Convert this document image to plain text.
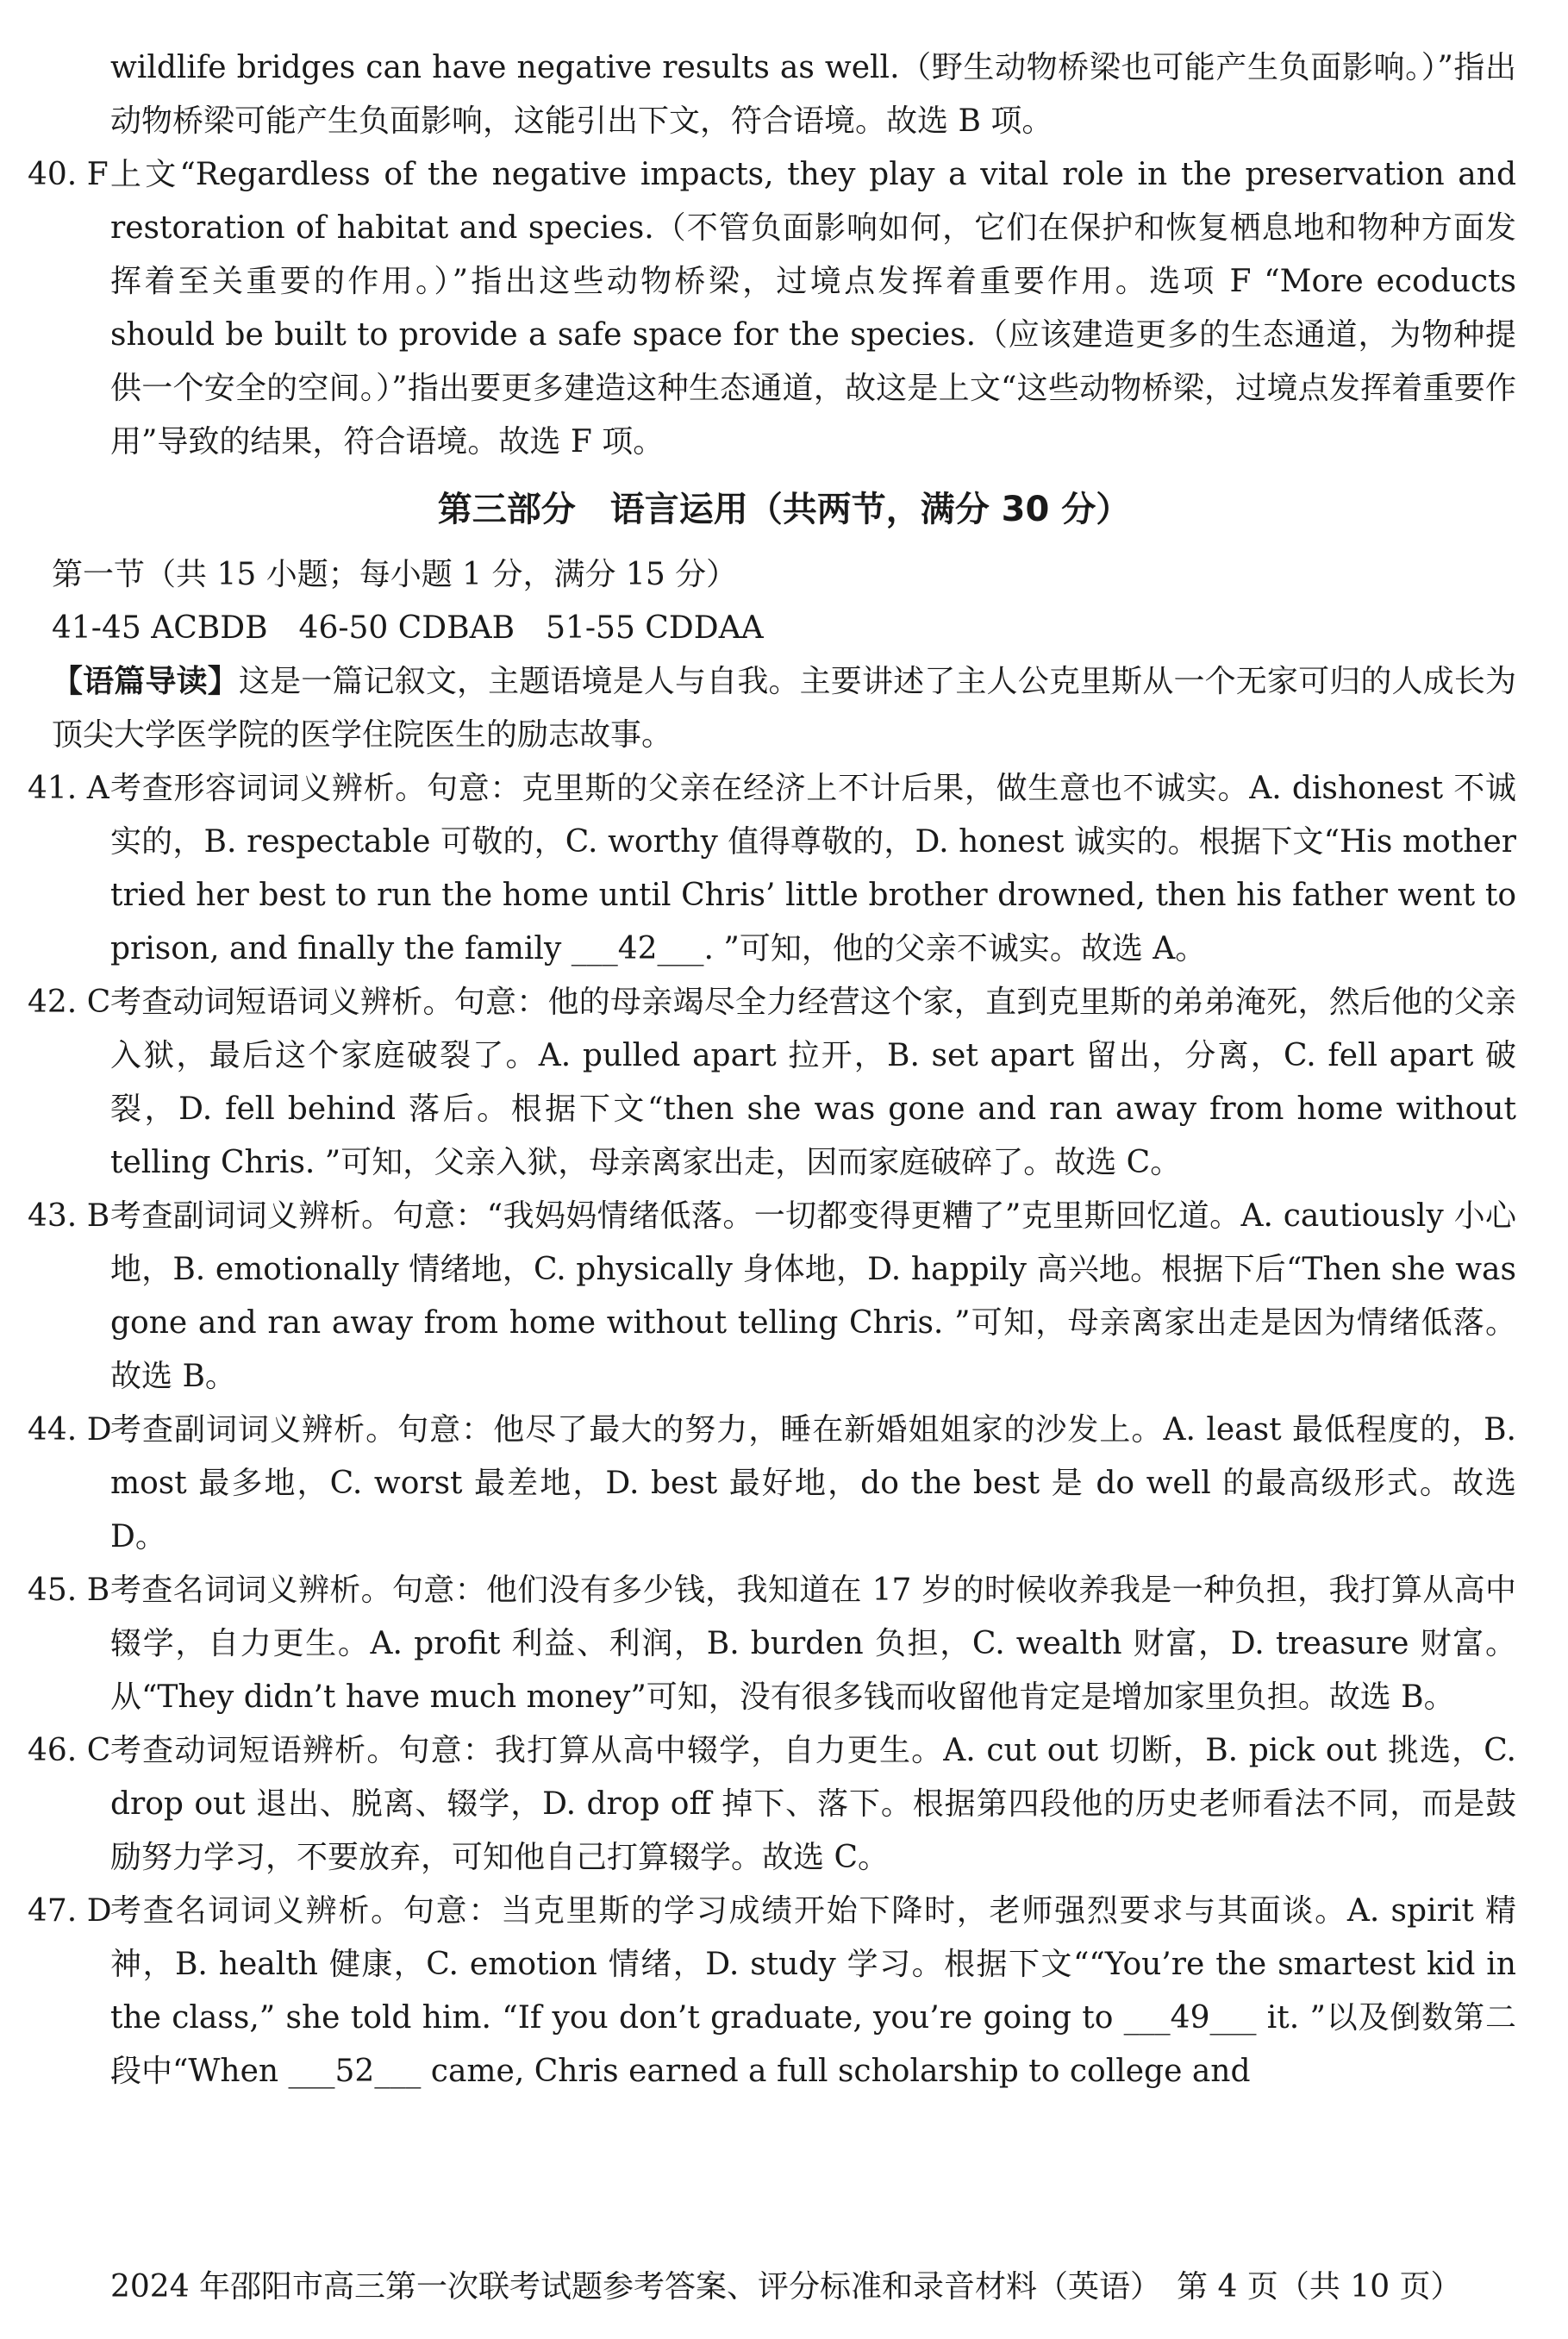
wildlife bridges can have negative results as well.（野生动物桥梁也可能产生负面影响。）”指出动物桥梁可能产生负面影响，这能引出下文，符合语境。故选 B 项。

40. F 上文“Regardless of the negative impacts, they play a vital role in the preservation and restoration of habitat and species.（不管负面影响如何，它们在保护和恢复栖息地和物种方面发挥着至关重要的作用。）”指出这些动物桥梁，过境点发挥着重要作用。选项 F “More ecoducts should be built to provide a safe space for the species.（应该建造更多的生态通道，为物种提供一个安全的空间。）”指出要更多建造这种生态通道，故这是上文“这些动物桥梁，过境点发挥着重要作用”导致的结果，符合语境。故选 F 项。

第三部分　语言运用（共两节，满分 30 分）

第一节（共 15 小题；每小题 1 分，满分 15 分）

41-45 ACBDB　46-50 CDBAB　51-55 CDDAA

【语篇导读】这是一篇记叙文，主题语境是人与自我。主要讲述了主人公克里斯从一个无家可归的人成长为顶尖大学医学院的医学住院医生的励志故事。

41. A 考查形容词词义辨析。句意：克里斯的父亲在经济上不计后果，做生意也不诚实。A. dishonest 不诚实的，B. respectable 可敬的，C. worthy 值得尊敬的，D. honest 诚实的。根据下文“His mother tried her best to run the home until Chris’ little brother drowned, then his father went to prison, and finally the family ___42___. ”可知，他的父亲不诚实。故选 A。

42. C 考查动词短语词义辨析。句意：他的母亲竭尽全力经营这个家，直到克里斯的弟弟淹死，然后他的父亲入狱，最后这个家庭破裂了。A. pulled apart 拉开，B. set apart 留出，分离，C. fell apart 破裂，D. fell behind 落后。根据下文“then she was gone and ran away from home without telling Chris. ”可知，父亲入狱，母亲离家出走，因而家庭破碎了。故选 C。

43. B 考查副词词义辨析。句意：“我妈妈情绪低落。一切都变得更糟了”克里斯回忆道。A. cautiously 小心地，B. emotionally 情绪地，C. physically 身体地，D. happily 高兴地。根据下后“Then she was gone and ran away from home without telling Chris. ”可知，母亲离家出走是因为情绪低落。故选 B。

44. D
考查副词词义辨析。句意：他尽了最大的努力，睡在新婚姐姐家的沙发上。A. least 最低程度的，B. most 最多地，C. worst 最差地，D. best 最好地，do the best 是 do well 的最高级形式。故选 D。

45. B 考查名词词义辨析。句意：他们没有多少钱，我知道在 17 岁的时候收养我是一种负担，我打算从高中辍学，自力更生。A. profit 利益、利润，B. burden 负担，C. wealth 财富，D. treasure 财富。从“They didn’t have much money”可知，没有很多钱而收留他肯定是增加家里负担。故选 B。

46. C 考查动词短语辨析。句意：我打算从高中辍学，自力更生。A. cut out 切断，B. pick out 挑选，C. drop out 退出、脱离、辍学，D. drop off 掉下、落下。根据第四段他的历史老师看法不同，而是鼓励努力学习，不要放弃，可知他自己打算辍学。故选 C。

47. D
考查名词词义辨析。句意：当克里斯的学习成绩开始下降时，老师强烈要求与其面谈。A. spirit 精神，B. health 健康，C. emotion 情绪，D. study 学习。根据下文““You’re the smartest kid in the class,” she told him. “If you don’t graduate, you’re going to ___49___ it. ”以及倒数第二段中“When ___52___ came, Chris earned a full scholarship to college and

2024 年邵阳市高三第一次联考试题参考答案、评分标准和录音材料（英语）　第 4 页（共 10 页）
